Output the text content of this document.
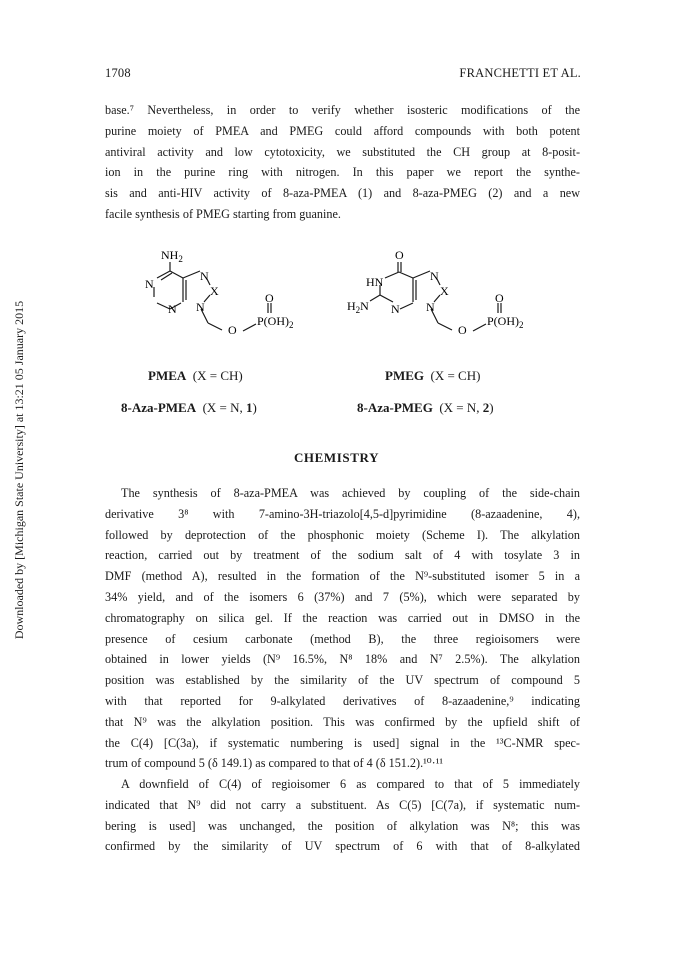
1708	FRANCHETTI ET AL.
Downloaded by [Michigan State University] at 13:21 05 January 2015
base.⁷ Nevertheless, in order to verify whether isosteric modifications of the
purine moiety of PMEA and PMEG could afford compounds with both potent
antiviral activity and low cytotoxicity, we substituted the CH group at 8-posit-
ion in the purine ring with nitrogen. In this paper we report the synthe-
sis and anti-HIV activity of 8-aza-PMEA (1) and 8-aza-PMEG (2) and a new
facile synthesis of PMEG starting from guanine.
$NH_2$
N
N
N
X
N
O
O
$P(OH)_2$
O
HN
$H_2N$ N
N
X
N
O
O
$P(OH)_2$
PMEA (X = CH)
8-Aza-PMEA (X = N, 1)
PMEG (X = CH)
8-Aza-PMEG (X = N, 2)
CHEMISTRY
The synthesis of 8-aza-PMEA was achieved by coupling of the side-chain
derivative 3⁸ with 7-amino-3H-triazolo[4,5-d]pyrimidine (8-azaadenine, 4),
followed by deprotection of the phosphonic moiety (Scheme I). The alkylation
reaction, carried out by treatment of the sodium salt of 4 with tosylate 3 in
DMF (method A), resulted in the formation of the N⁹-substituted isomer 5 in a
34% yield, and of the isomers 6 (37%) and 7 (5%), which were separated by
chromatography on silica gel. If the reaction was carried out in DMSO in the
presence of cesium carbonate (method B), the three regioisomers were
obtained in lower yields (N⁹ 16.5%, N⁸ 18% and N⁷ 2.5%). The alkylation
position was established by the similarity of the UV spectrum of compound 5
with that reported for 9-alkylated derivatives of 8-azaadenine,⁹ indicating
that N⁹ was the alkylation position. This was confirmed by the upfield shift of
the C(4) [C(3a), if systematic numbering is used] signal in the ¹³C-NMR spec-
trum of compound 5 (δ 149.1) as compared to that of 4 (δ 151.2).¹⁰·¹¹
A downfield of C(4) of regioisomer 6 as compared to that of 5 immediately
indicated that N⁹ did not carry a substituent. As C(5) [C(7a), if systematic num-
bering is used] was unchanged, the position of alkylation was N⁸; this was
confirmed by the similarity of UV spectrum of 6 with that of 8-alkylated
